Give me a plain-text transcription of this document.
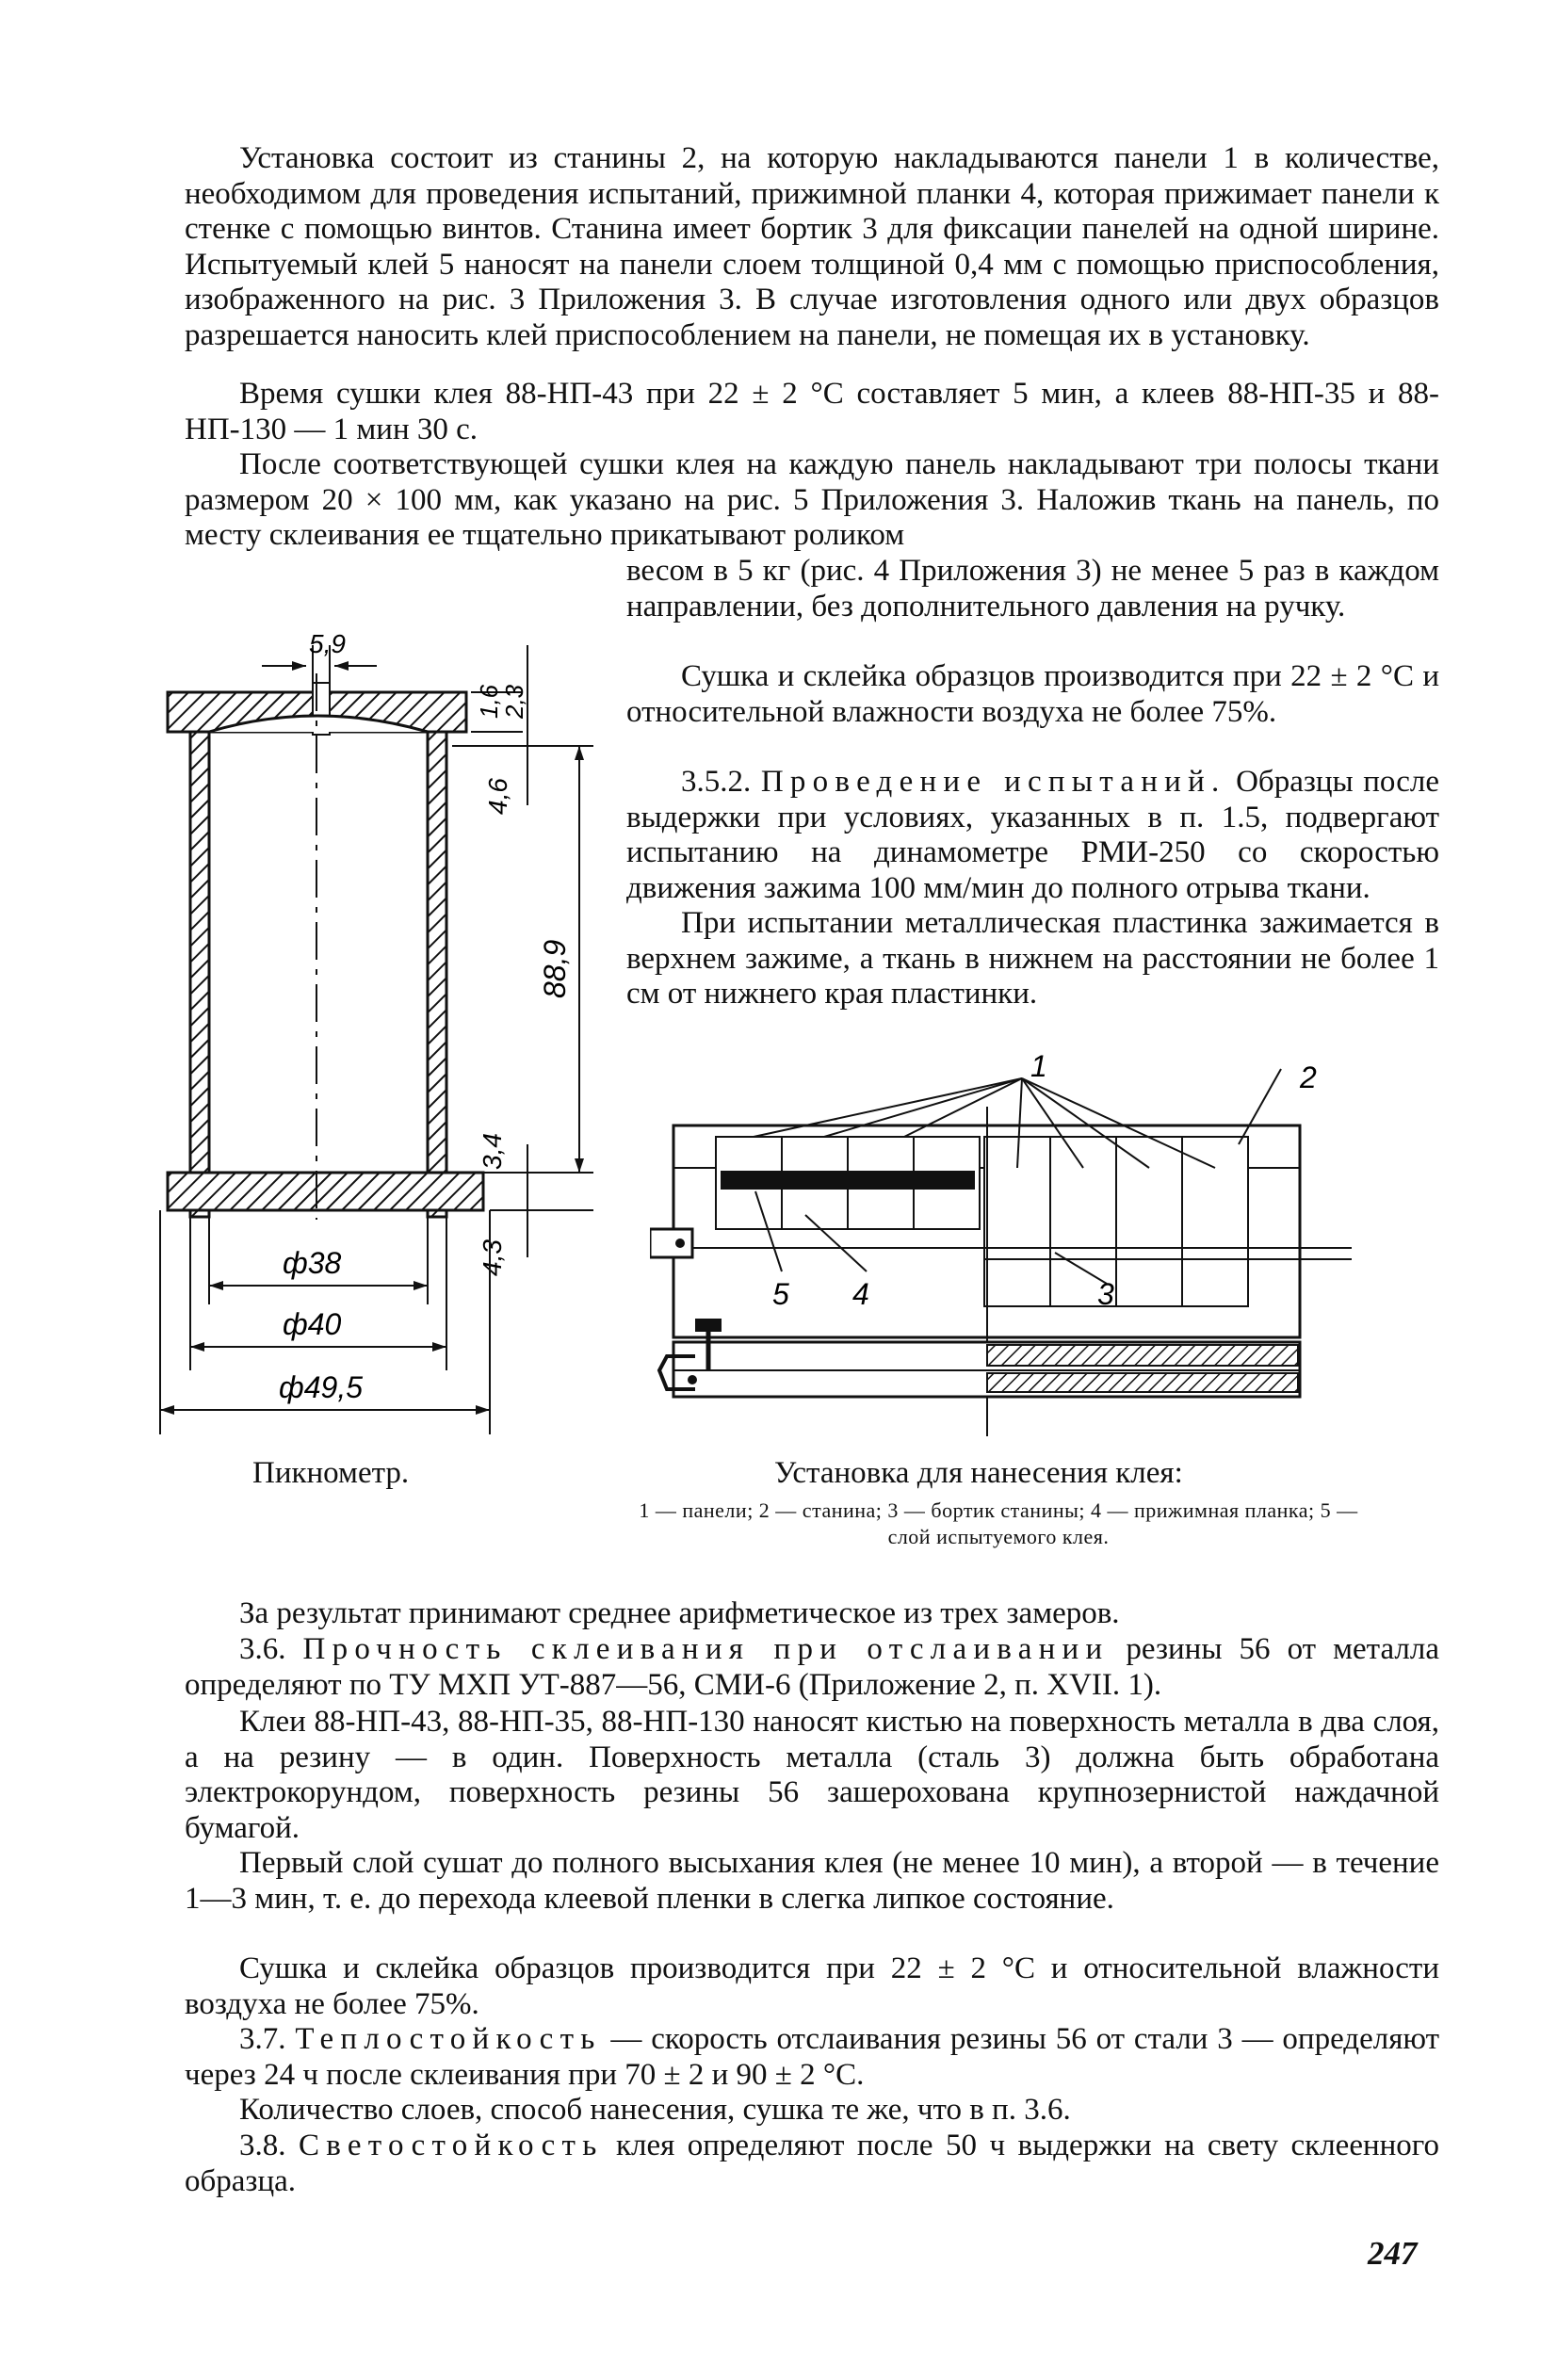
Установка состоит из станины 2, на которую накладываются панели 1 в количестве, необходимом для проведения испытаний, прижимной планки 4, которая прижимает панели к стенке с помощью винтов. Станина имеет бортик 3 для фиксации панелей на одной ширине. Испытуемый клей 5 наносят на панели слоем толщиной 0,4 мм с помощью приспособления, изображенного на рис. 3 Приложения 3. В случае изготовления одного или двух образцов разрешается наносить клей приспособлением на панели, не помещая их в установку.

Время сушки клея 88-НП-43 при 22 ± 2 °С составляет 5 мин, а клеев 88-НП-35 и 88-НП-130 — 1 мин 30 с.

После соответствующей сушки клея на каждую панель накладывают три полосы ткани размером 20 × 100 мм, как указано на рис. 5 Приложения 3. Наложив ткань на панель, по месту склеивания ее тщательно прикатывают роликом

весом в 5 кг (рис. 4 Приложения 3) не менее 5 раз в каждом направлении, без дополнительного давления на ручку.

Сушка и склейка образцов производится при 22 ± 2 °С и относительной влажности воздуха не более 75%.

3.5.2. Проведение испытаний. Образцы после выдержки при условиях, указанных в п. 1.5, подвергают испытанию на динамометре РМИ-250 со скоростью движения зажима 100 мм/мин до полного отрыва ткани.

При испытании металлическая пластинка зажимается в верхнем зажиме, а ткань в нижнем на расстоянии не более 1 см от нижнего края пластинки.

5,9
1,6
2,3
4,6
88,9
3,4
4,3
ф38
ф40
ф49,5

Пикнометр.

1	2
3
5 4

Установка для нанесения клея:

1 — панели; 2 — станина; 3 — бортик станины; 4 — прижимная планка; 5 — слой испытуемого клея.

За результат принимают среднее арифметическое из трех замеров.

3.6. Прочность склеивания при отслаивании резины 56 от металла определяют по ТУ МХП УТ-887—56, СМИ-6 (Приложение 2, п. XVII. 1).

Клеи 88-НП-43, 88-НП-35, 88-НП-130 наносят кистью на поверхность металла в два слоя, а на резину — в один. Поверхность металла (сталь 3) должна быть обработана электрокорундом, поверхность резины 56 зашерохована крупнозернистой наждачной бумагой.

Первый слой сушат до полного высыхания клея (не менее 10 мин), а второй — в течение 1—3 мин, т. е. до перехода клеевой пленки в слегка липкое состояние.

Сушка и склейка образцов производится при 22 ± 2 °С и относительной влажности воздуха не более 75%.

3.7. Теплостойкость — скорость отслаивания резины 56 от стали 3 — определяют через 24 ч после склеивания при 70 ± 2 и 90 ± 2 °С.

Количество слоев, способ нанесения, сушка те же, что в п. 3.6.

3.8. Светостойкость клея определяют после 50 ч выдержки на свету склеенного образца.

247
